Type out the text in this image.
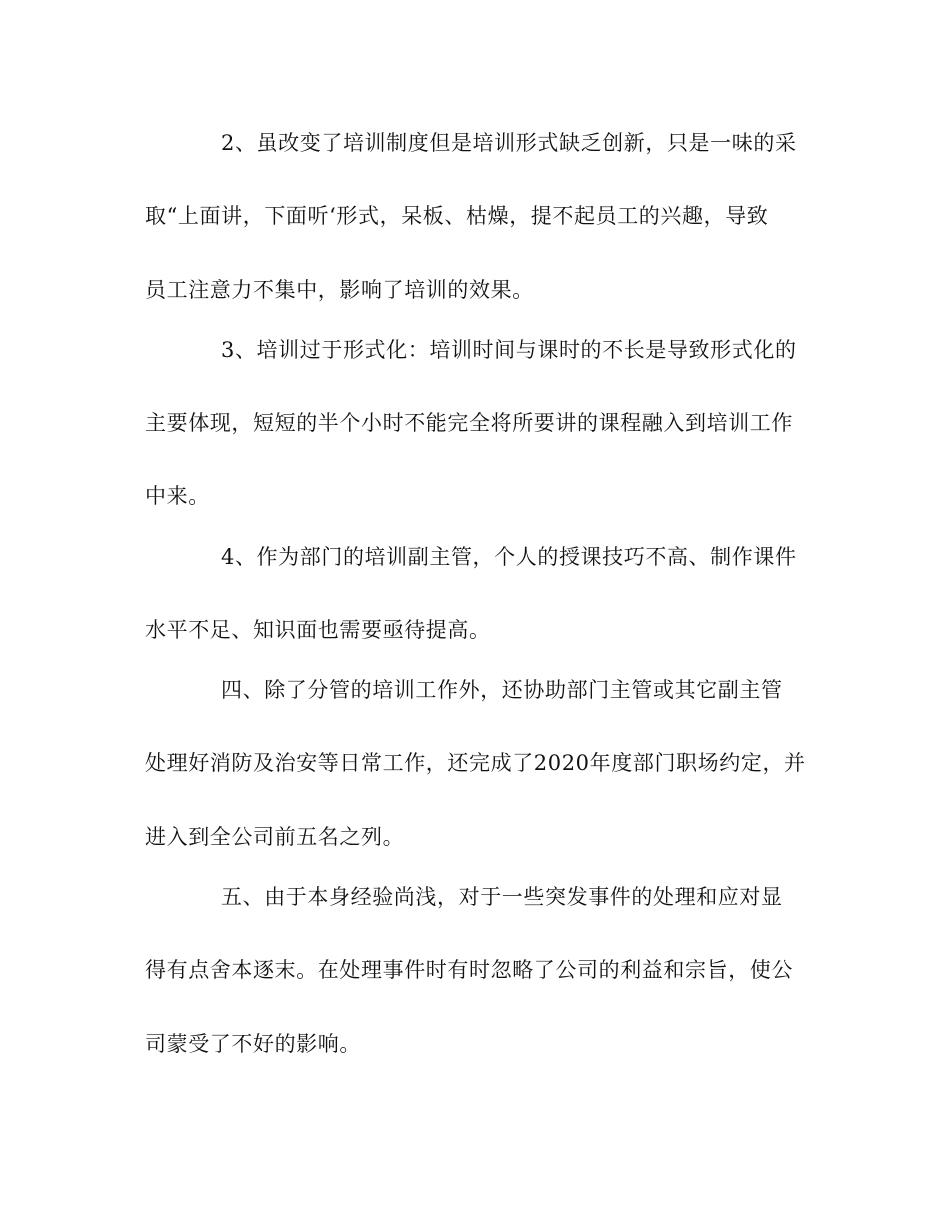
2、虽改变了培训制度但是培训形式缺乏创新，只是一味的采
取“上面讲，下面听‘形式，呆板、枯燥，提不起员工的兴趣，导致
员工注意力不集中，影响了培训的效果。
3、培训过于形式化：培训时间与课时的不长是导致形式化的
主要体现，短短的半个小时不能完全将所要讲的课程融入到培训工作
中来。
4、作为部门的培训副主管，个人的授课技巧不高、制作课件
水平不足、知识面也需要亟待提高。
四、除了分管的培训工作外，还协助部门主管或其它副主管
处理好消防及治安等日常工作，还完成了2020年度部门职场约定，并
进入到全公司前五名之列。
五、由于本身经验尚浅，对于一些突发事件的处理和应对显
得有点舍本逐末。在处理事件时有时忽略了公司的利益和宗旨，使公
司蒙受了不好的影响。
